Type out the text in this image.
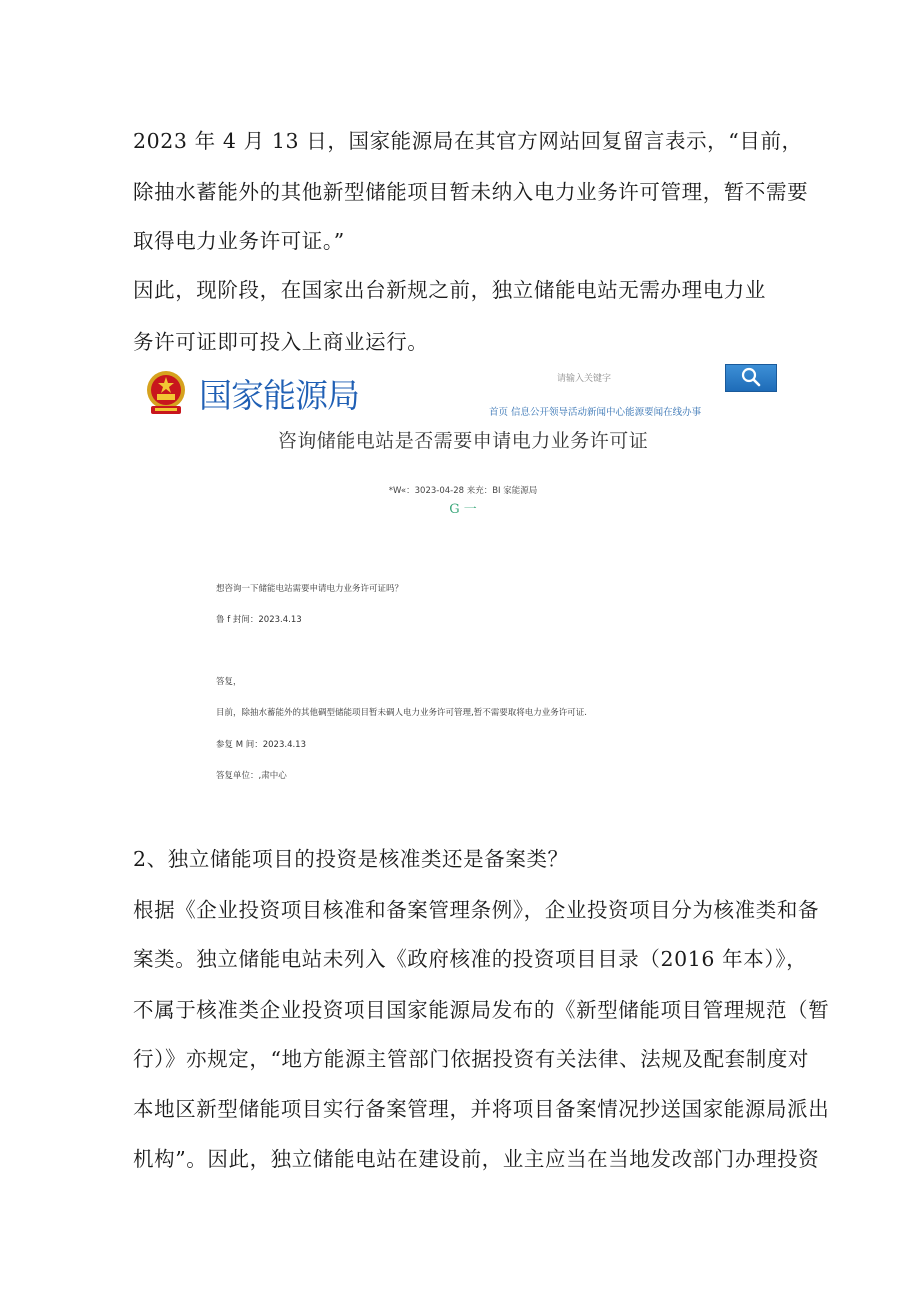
2023 年 4 月 13 日，国家能源局在其官方网站回复留言表示，“目前，
除抽水蓄能外的其他新型储能项目暂未纳入电力业务许可管理，暂不需要
取得电力业务许可证。”
因此，现阶段，在国家出台新规之前，独立储能电站无需办理电力业
务许可证即可投入上商业运行。
国家能源局
请输入关键字	首页 信息公开 领导活动 新闻中心 能源要闻 在线办事
咨询储能电站是否需要申请电力业务许可证
*W«：3023-04-28 来充：BI 家能源局
G 一
想咨询一下储能电站需要申请电力业务许可证吗？
鲁 f 封间：2023.4.13
答复，
目前，除抽水蓄能外的其他碉型储能项目暂未碉人电力业务许可管理,暂不需要取将电力业务许可证.
参复 M 间：2023.4.13
答复单位：,肃中心
2、独立储能项目的投资是核准类还是备案类？
根据《企业投资项目核准和备案管理条例》，企业投资项目分为核准类和备
案类。独立储能电站未列入《政府核准的投资项目目录（2016 年本）》，
不属于核准类企业投资项目国家能源局发布的《新型储能项目管理规范（暂
行）》亦规定，“地方能源主管部门依据投资有关法律、法规及配套制度对
本地区新型储能项目实行备案管理，并将项目备案情况抄送国家能源局派出
机构”。因此，独立储能电站在建设前，业主应当在当地发改部门办理投资
